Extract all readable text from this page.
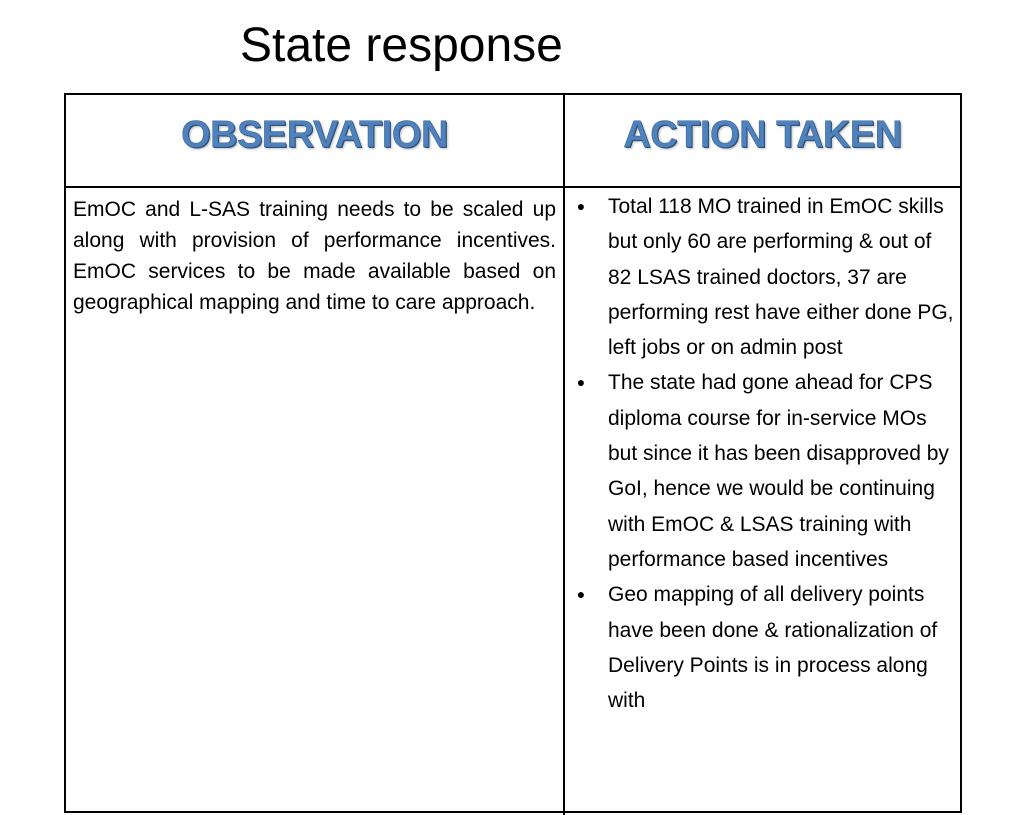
State response
OBSERVATION	ACTION TAKEN
EmOC and L-SAS training needs to be scaled up along with provision of performance incentives. EmOC services to be made available based on geographical mapping and time to care approach.
● Total 118 MO trained in EmOC skills but only 60 are performing & out of 82 LSAS trained doctors, 37 are performing rest have either done PG, left jobs or on admin post
● The state had gone ahead for CPS diploma course for in-service MOs but since it has been disapproved by GoI, hence we would be continuing with EmOC & LSAS training with performance based incentives
● Geo mapping of all delivery points have been done & rationalization of Delivery Points is in process along with
